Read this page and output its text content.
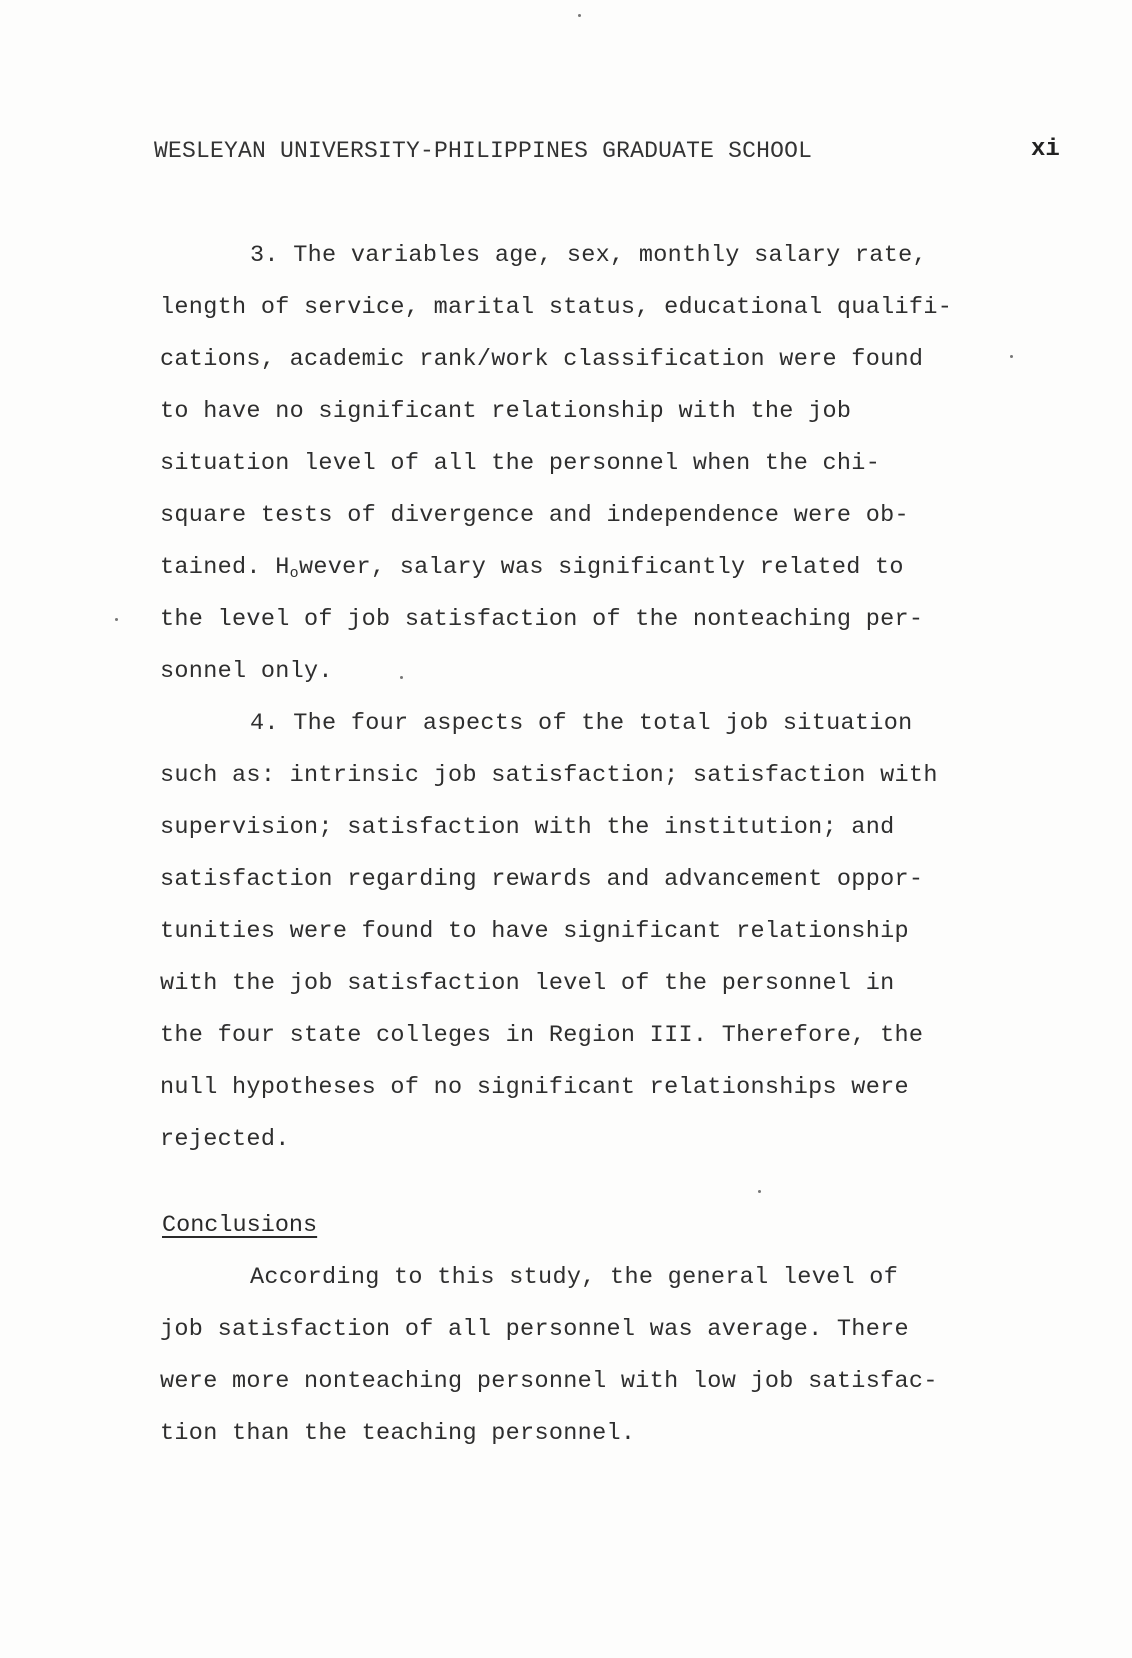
WESLEYAN UNIVERSITY-PHILIPPINES GRADUATE SCHOOL	xi
3. The variables age, sex, monthly salary rate,
length of service, marital status, educational qualifi-
cations, academic rank/work classification were found
to have no significant relationship with the job
situation level of all the personnel when the chi-
square tests of divergence and independence were ob-
tained. $H_owever$, salary was significantly related to
the level of job satisfaction of the nonteaching per-
sonnel only.
4. The four aspects of the total job situation
such as: intrinsic job satisfaction; satisfaction with
supervision; satisfaction with the institution; and
satisfaction regarding rewards and advancement oppor-
tunities were found to have significant relationship
with the job satisfaction level of the personnel in
the four state colleges in Region III. Therefore, the
null hypotheses of no significant relationships were
rejected.
Conclusions
According to this study, the general level of
job satisfaction of all personnel was average. There
were more nonteaching personnel with low job satisfac-
tion than the teaching personnel.
